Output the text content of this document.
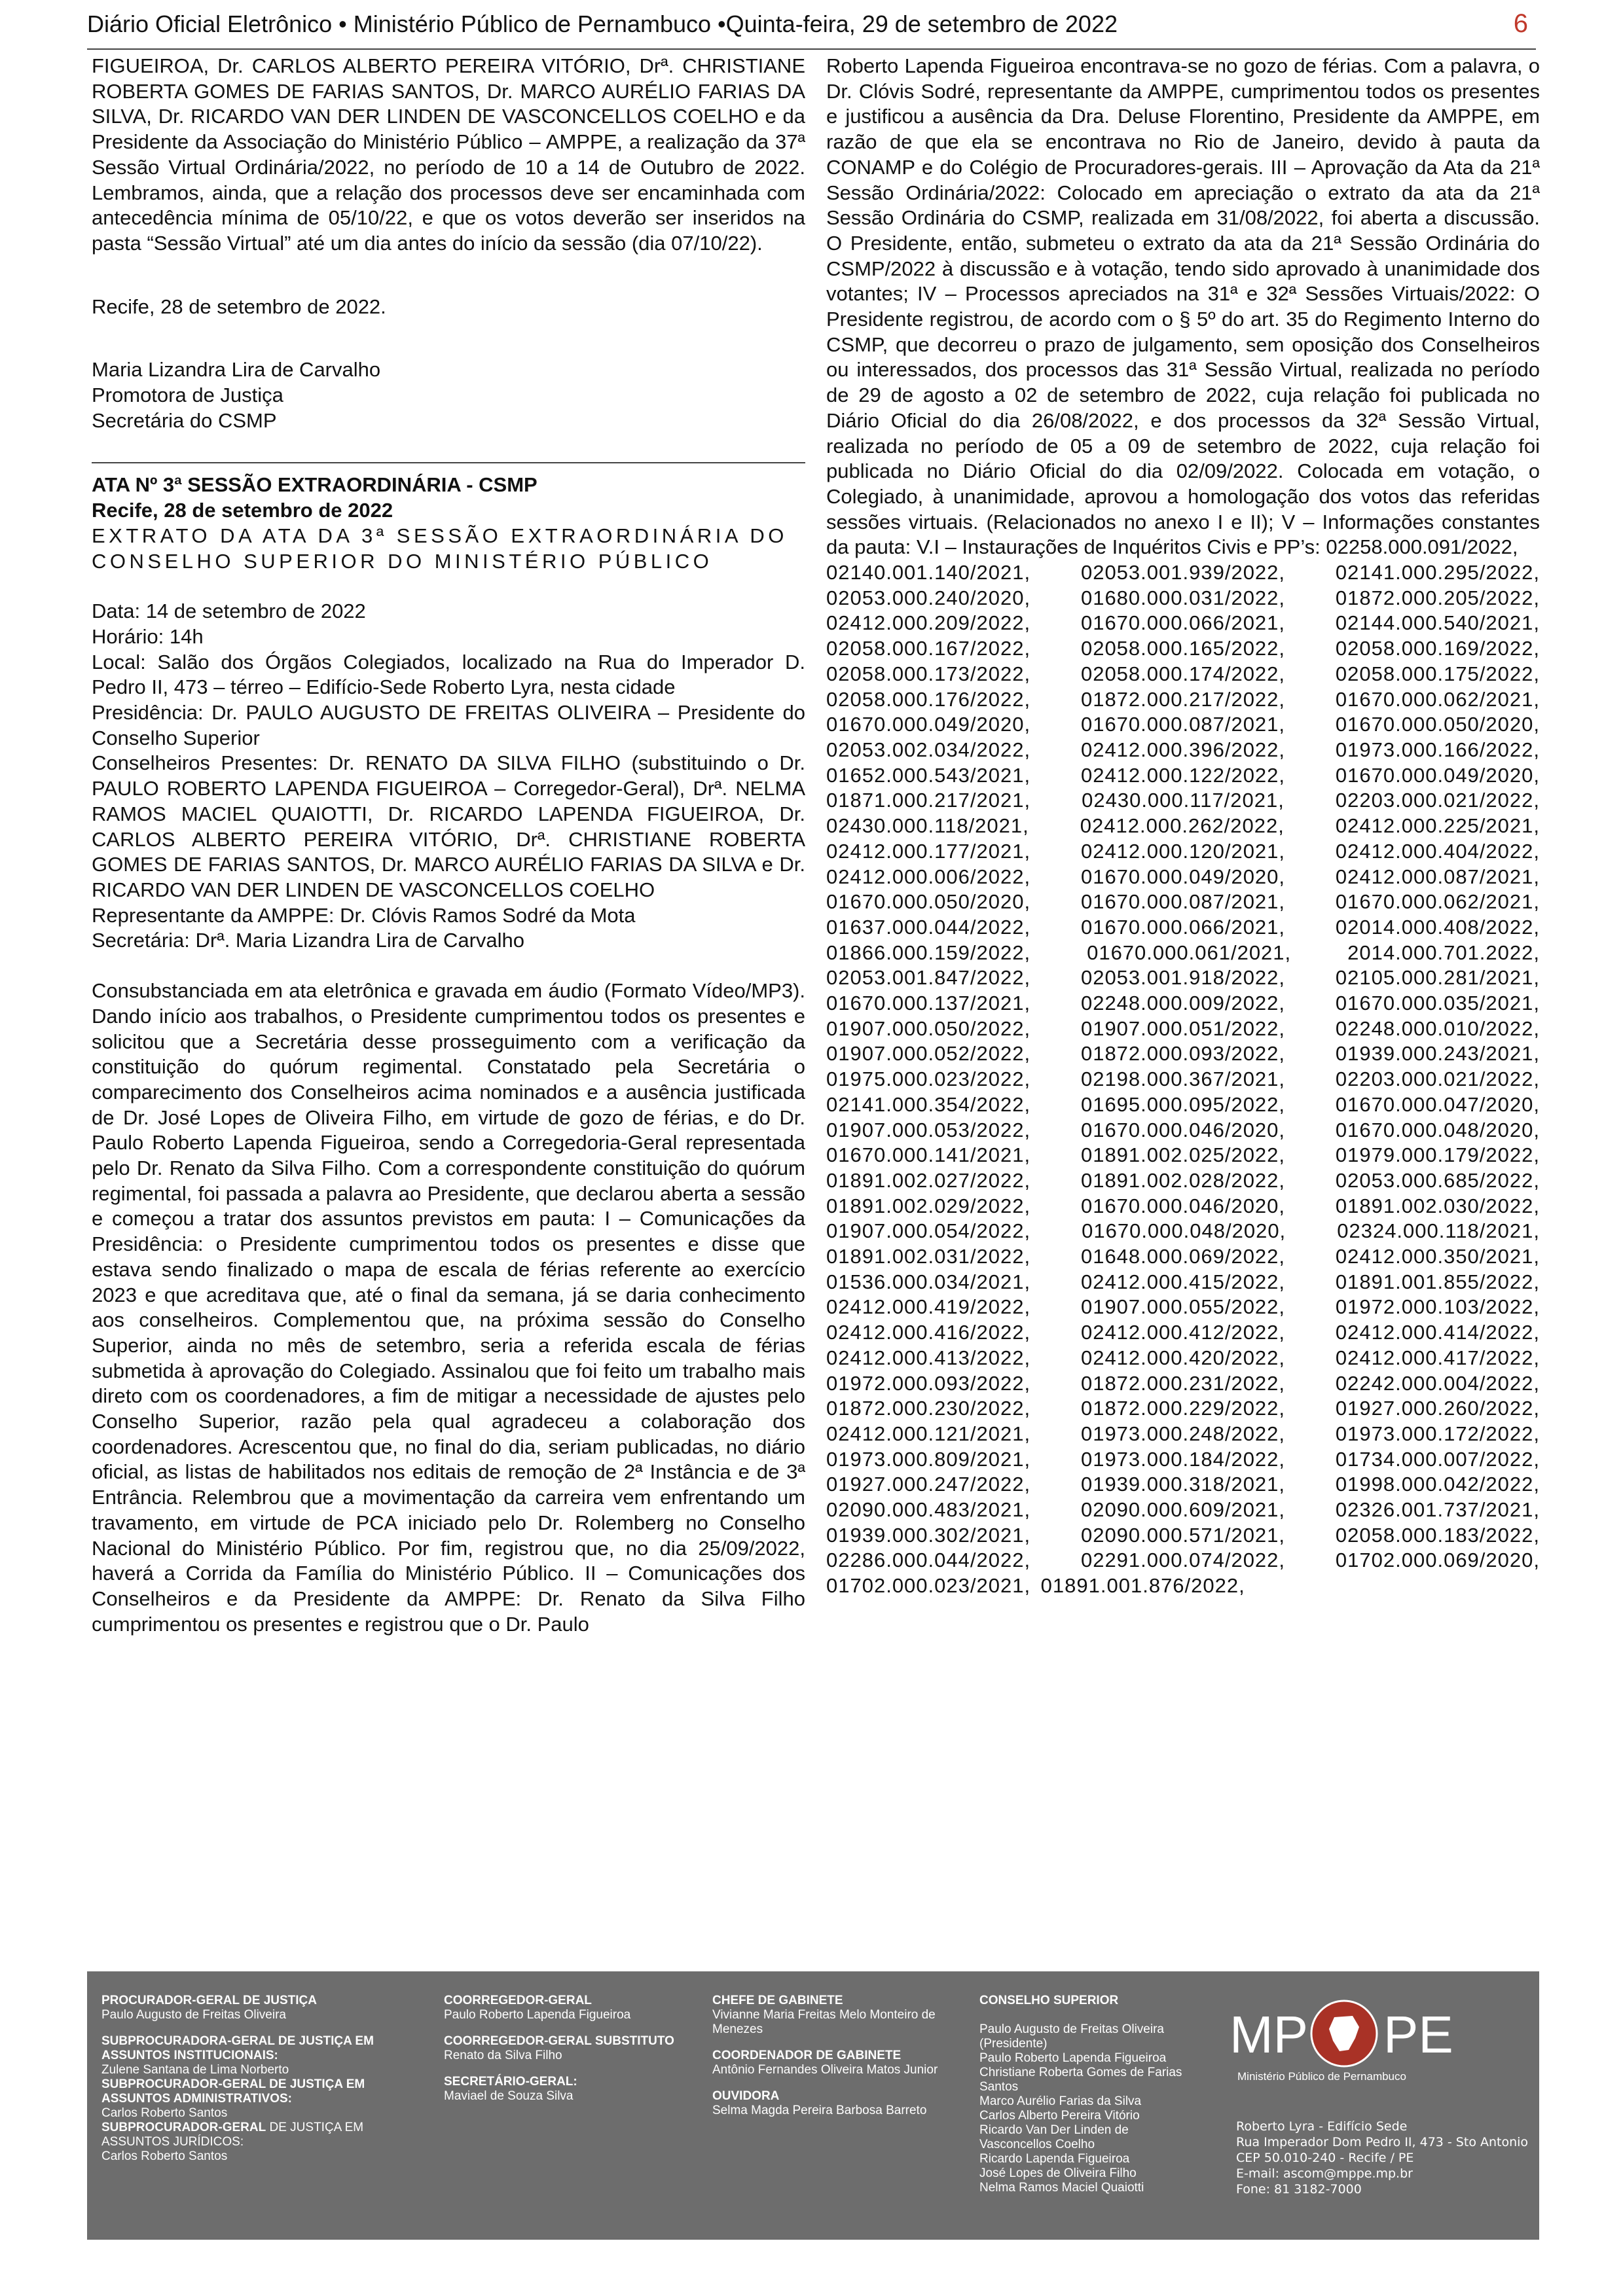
Diário Oficial Eletrônico • Ministério Público de Pernambuco •Quinta-feira, 29 de setembro de 2022	6

FIGUEIROA, Dr. CARLOS ALBERTO PEREIRA VITÓRIO, Drª. CHRISTIANE ROBERTA GOMES DE FARIAS SANTOS, Dr. MARCO AURÉLIO FARIAS DA SILVA, Dr. RICARDO VAN DER LINDEN DE VASCONCELLOS COELHO e da Presidente da Associação do Ministério Público – AMPPE, a realização da 37ª Sessão Virtual Ordinária/2022, no período de 10 a 14 de Outubro de 2022. Lembramos, ainda, que a relação dos processos deve ser encaminhada com antecedência mínima de 05/10/22, e que os votos deverão ser inseridos na pasta “Sessão Virtual” até um dia antes do início da sessão (dia 07/10/22).

Recife, 28 de setembro de 2022.
Maria Lizandra Lira de Carvalho
Promotora de Justiça
Secretária do CSMP
ATA Nº 3ª SESSÃO EXTRAORDINÁRIA - CSMP
Recife, 28 de setembro de 2022
EXTRATO DA ATA DA 3ª SESSÃO EXTRAORDINÁRIA DO
CONSELHO SUPERIOR DO MINISTÉRIO PÚBLICO
Data: 14 de setembro de 2022
Horário: 14h

Local: Salão dos Órgãos Colegiados, localizado na Rua do Imperador D. Pedro II, 473 – térreo – Edifício-Sede Roberto Lyra, nesta cidade

Presidência: Dr. PAULO AUGUSTO DE FREITAS OLIVEIRA – Presidente do Conselho Superior

Conselheiros Presentes: Dr. RENATO DA SILVA FILHO (substituindo o Dr. PAULO ROBERTO LAPENDA FIGUEIROA – Corregedor-Geral), Drª. NELMA RAMOS MACIEL QUAIOTTI, Dr. RICARDO LAPENDA FIGUEIROA, Dr. CARLOS ALBERTO PEREIRA VITÓRIO, Drª. CHRISTIANE ROBERTA GOMES DE FARIAS SANTOS, Dr. MARCO AURÉLIO FARIAS DA SILVA e Dr. RICARDO VAN DER LINDEN DE VASCONCELLOS COELHO

Representante da AMPPE: Dr. Clóvis Ramos Sodré da Mota
Secretária: Drª. Maria Lizandra Lira de Carvalho

Consubstanciada em ata eletrônica e gravada em áudio (Formato Vídeo/MP3). Dando início aos trabalhos, o Presidente cumprimentou todos os presentes e solicitou que a Secretária desse prosseguimento com a verificação da constituição do quórum regimental. Constatado pela Secretária o comparecimento dos Conselheiros acima nominados e a ausência justificada de Dr. José Lopes de Oliveira Filho, em virtude de gozo de férias, e do Dr. Paulo Roberto Lapenda Figueiroa, sendo a Corregedoria-Geral representada pelo Dr. Renato da Silva Filho. Com a correspondente constituição do quórum regimental, foi passada a palavra ao Presidente, que declarou aberta a sessão e começou a tratar dos assuntos previstos em pauta: I – Comunicações da Presidência: o Presidente cumprimentou todos os presentes e disse que estava sendo finalizado o mapa de escala de férias referente ao exercício 2023 e que acreditava que, até o final da semana, já se daria conhecimento aos conselheiros. Complementou que, na próxima sessão do Conselho Superior, ainda no mês de setembro, seria a referida escala de férias submetida à aprovação do Colegiado. Assinalou que foi feito um trabalho mais direto com os coordenadores, a fim de mitigar a necessidade de ajustes pelo Conselho Superior, razão pela qual agradeceu a colaboração dos coordenadores. Acrescentou que, no final do dia, seriam publicadas, no diário oficial, as listas de habilitados nos editais de remoção de 2ª Instância e de 3ª Entrância. Relembrou que a movimentação da carreira vem enfrentando um travamento, em virtude de PCA iniciado pelo Dr. Rolemberg no Conselho Nacional do Ministério Público. Por fim, registrou que, no dia 25/09/2022, haverá a Corrida da Família do Ministério Público. II – Comunicações dos Conselheiros e da Presidente da AMPPE: Dr. Renato da Silva Filho cumprimentou os presentes e registrou que o Dr. Paulo

Roberto Lapenda Figueiroa encontrava-se no gozo de férias. Com a palavra, o Dr. Clóvis Sodré, representante da AMPPE, cumprimentou todos os presentes e justificou a ausência da Dra. Deluse Florentino, Presidente da AMPPE, em razão de que ela se encontrava no Rio de Janeiro, devido à pauta da CONAMP e do Colégio de Procuradores-gerais. III – Aprovação da Ata da 21ª Sessão Ordinária/2022: Colocado em apreciação o extrato da ata da 21ª Sessão Ordinária do CSMP, realizada em 31/08/2022, foi aberta a discussão. O Presidente, então, submeteu o extrato da ata da 21ª Sessão Ordinária do CSMP/2022 à discussão e à votação, tendo sido aprovado à unanimidade dos votantes; IV – Processos apreciados na 31ª e 32ª Sessões Virtuais/2022: O Presidente registrou, de acordo com o § 5º do art. 35 do Regimento Interno do CSMP, que decorreu o prazo de julgamento, sem oposição dos Conselheiros ou interessados, dos processos das 31ª Sessão Virtual, realizada no período de 29 de agosto a 02 de setembro de 2022, cuja relação foi publicada no Diário Oficial do dia 26/08/2022, e dos processos da 32ª Sessão Virtual, realizada no período de 05 a 09 de setembro de 2022, cuja relação foi publicada no Diário Oficial do dia 02/09/2022. Colocada em votação, o Colegiado, à unanimidade, aprovou a homologação dos votos das referidas sessões virtuais. (Relacionados no anexo I e II); V – Informações constantes da pauta: V.I – Instaurações de Inquéritos Civis e PP’s: 02258.000.091/2022,

02140.001.140/2021, 02053.001.939/2022, 02141.000.295/2022, 02053.000.240/2020, 01680.000.031/2022, 01872.000.205/2022, 02412.000.209/2022, 01670.000.066/2021, 02144.000.540/2021, 02058.000.167/2022, 02058.000.165/2022, 02058.000.169/2022, 02058.000.173/2022, 02058.000.174/2022, 02058.000.175/2022, 02058.000.176/2022, 01872.000.217/2022, 01670.000.062/2021, 01670.000.049/2020, 01670.000.087/2021, 01670.000.050/2020, 02053.002.034/2022, 02412.000.396/2022, 01973.000.166/2022, 01652.000.543/2021, 02412.000.122/2022, 01670.000.049/2020, 01871.000.217/2021, 02430.000.117/2021, 02203.000.021/2022, 02430.000.118/2021, 02412.000.262/2022, 02412.000.225/2021, 02412.000.177/2021, 02412.000.120/2021, 02412.000.404/2022, 02412.000.006/2022, 01670.000.049/2020, 02412.000.087/2021, 01670.000.050/2020, 01670.000.087/2021, 01670.000.062/2021, 01637.000.044/2022, 01670.000.066/2021, 02014.000.408/2022, 01866.000.159/2022, 01670.000.061/2021, 2014.000.701.2022, 02053.001.847/2022, 02053.001.918/2022, 02105.000.281/2021, 01670.000.137/2021, 02248.000.009/2022, 01670.000.035/2021, 01907.000.050/2022, 01907.000.051/2022, 02248.000.010/2022, 01907.000.052/2022, 01872.000.093/2022, 01939.000.243/2021, 01975.000.023/2022, 02198.000.367/2021, 02203.000.021/2022, 02141.000.354/2022, 01695.000.095/2022, 01670.000.047/2020, 01907.000.053/2022, 01670.000.046/2020, 01670.000.048/2020, 01670.000.141/2021, 01891.002.025/2022, 01979.000.179/2022, 01891.002.027/2022, 01891.002.028/2022, 02053.000.685/2022, 01891.002.029/2022, 01670.000.046/2020, 01891.002.030/2022, 01907.000.054/2022, 01670.000.048/2020, 02324.000.118/2021, 01891.002.031/2022, 01648.000.069/2022, 02412.000.350/2021, 01536.000.034/2021, 02412.000.415/2022, 01891.001.855/2022, 02412.000.419/2022, 01907.000.055/2022, 01972.000.103/2022, 02412.000.416/2022, 02412.000.412/2022, 02412.000.414/2022, 02412.000.413/2022, 02412.000.420/2022, 02412.000.417/2022, 01972.000.093/2022, 01872.000.231/2022, 02242.000.004/2022, 01872.000.230/2022, 01872.000.229/2022, 01927.000.260/2022, 02412.000.121/2021, 01973.000.248/2022, 01973.000.172/2022, 01973.000.809/2021, 01973.000.184/2022, 01734.000.007/2022, 01927.000.247/2022, 01939.000.318/2021, 01998.000.042/2022, 02090.000.483/2021, 02090.000.609/2021, 02326.001.737/2021, 01939.000.302/2021, 02090.000.571/2021, 02058.000.183/2022, 02286.000.044/2022, 02291.000.074/2022, 01702.000.069/2020, 01702.000.023/2021, 01891.001.876/2022,

PROCURADOR-GERAL DE JUSTIÇA
Paulo Augusto de Freitas Oliveira
SUBPROCURADORA-GERAL DE JUSTIÇA EM ASSUNTOS INSTITUCIONAIS:
Zulene Santana de Lima Norberto
SUBPROCURADOR-GERAL DE JUSTIÇA EM ASSUNTOS ADMINISTRATIVOS:
Carlos Roberto Santos
SUBPROCURADOR-GERAL DE JUSTIÇA EM ASSUNTOS JURÍDICOS:
Carlos Roberto Santos
COORREGEDOR-GERAL
Paulo Roberto Lapenda Figueiroa
COORREGEDOR-GERAL SUBSTITUTO
Renato da Silva Filho
SECRETÁRIO-GERAL:
Maviael de Souza Silva
CHEFE DE GABINETE
Vivianne Maria Freitas Melo Monteiro de Menezes
COORDENADOR DE GABINETE
Antônio Fernandes Oliveira Matos Junior
OUVIDORA
Selma Magda Pereira Barbosa Barreto
CONSELHO SUPERIOR
Paulo Augusto de Freitas Oliveira
(Presidente)
Paulo Roberto Lapenda Figueiroa
Christiane Roberta Gomes de Farias
Santos
Marco Aurélio Farias da Silva
Carlos Alberto Pereira Vitório
Ricardo Van Der Linden de
Vasconcellos Coelho
Ricardo Lapenda Figueiroa
José Lopes de Oliveira Filho
Nelma Ramos Maciel Quaiotti
MP PE
Ministério Público de Pernambuco
Roberto Lyra - Edifício Sede
Rua Imperador Dom Pedro II, 473 - Sto Antonio
CEP 50.010-240 - Recife / PE
E-mail: ascom@mppe.mp.br
Fone: 81 3182-7000
